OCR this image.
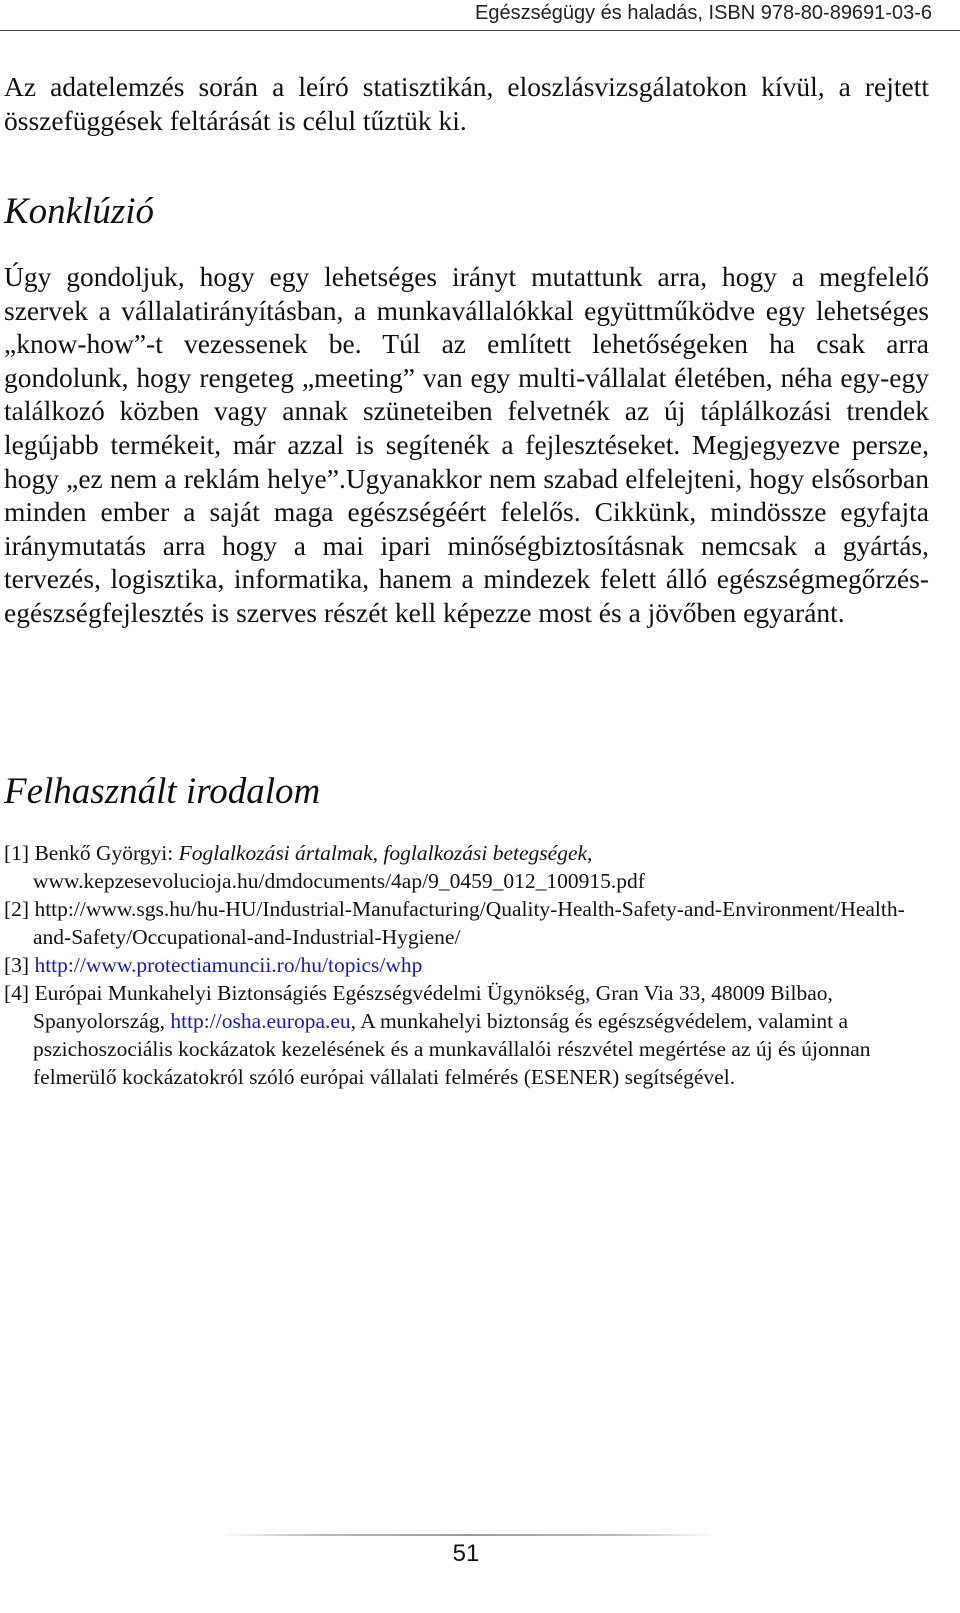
Egészségügy és haladás, ISBN 978-80-89691-03-6

Az adatelemzés során a leíró statisztikán, eloszlásvizsgálatokon kívül, a rejtett összefüggések feltárását is célul tűztük ki.

Konklúzió

Úgy gondoljuk, hogy egy lehetséges irányt mutattunk arra, hogy a megfelelő szervek a vállalatirányításban, a munkavállalókkal együttműködve egy lehetséges „know-how”-t vezessenek be. Túl az említett lehetőségeken ha csak arra gondolunk, hogy rengeteg „meeting” van egy multi-vállalat életében, néha egy-egy találkozó közben vagy annak szüneteiben felvetnék az új táplálkozási trendek legújabb termékeit, már azzal is segítenék a fejlesztéseket. Megjegyezve persze, hogy „ez nem a reklám helye”.Ugyanakkor nem szabad elfelejteni, hogy elsősorban minden ember a saját maga egészségéért felelős. Cikkünk, mindössze egyfajta iránymutatás arra hogy a mai ipari minőségbiztosításnak nemcsak a gyártás, tervezés, logisztika, informatika, hanem a mindezek felett álló egészségmegőrzés-egészségfejlesztés is szerves részét kell képezze most és a jövőben egyaránt.

Felhasznált irodalom

[1] Benkő Györgyi: Foglalkozási ártalmak, foglalkozási betegségek,
www.kepzesevolucioja.hu/dmdocuments/4ap/9_0459_012_100915.pdf

[2] http://www.sgs.hu/hu-HU/Industrial-Manufacturing/Quality-Health-Safety-and-Environment/Health-and-Safety/Occupational-and-Industrial-Hygiene/

[3] http://www.protectiamuncii.ro/hu/topics/whp

[4] Európai Munkahelyi Biztonságiés Egészségvédelmi Ügynökség, Gran Via 33, 48009 Bilbao, Spanyolország, http://osha.europa.eu, A munkahelyi biztonság és egészségvédelem, valamint a pszichoszociális kockázatok kezelésének és a munkavállalói részvétel megértése az új és újonnan felmerülő kockázatokról szóló európai vállalati felmérés (ESENER) segítségével.

51
